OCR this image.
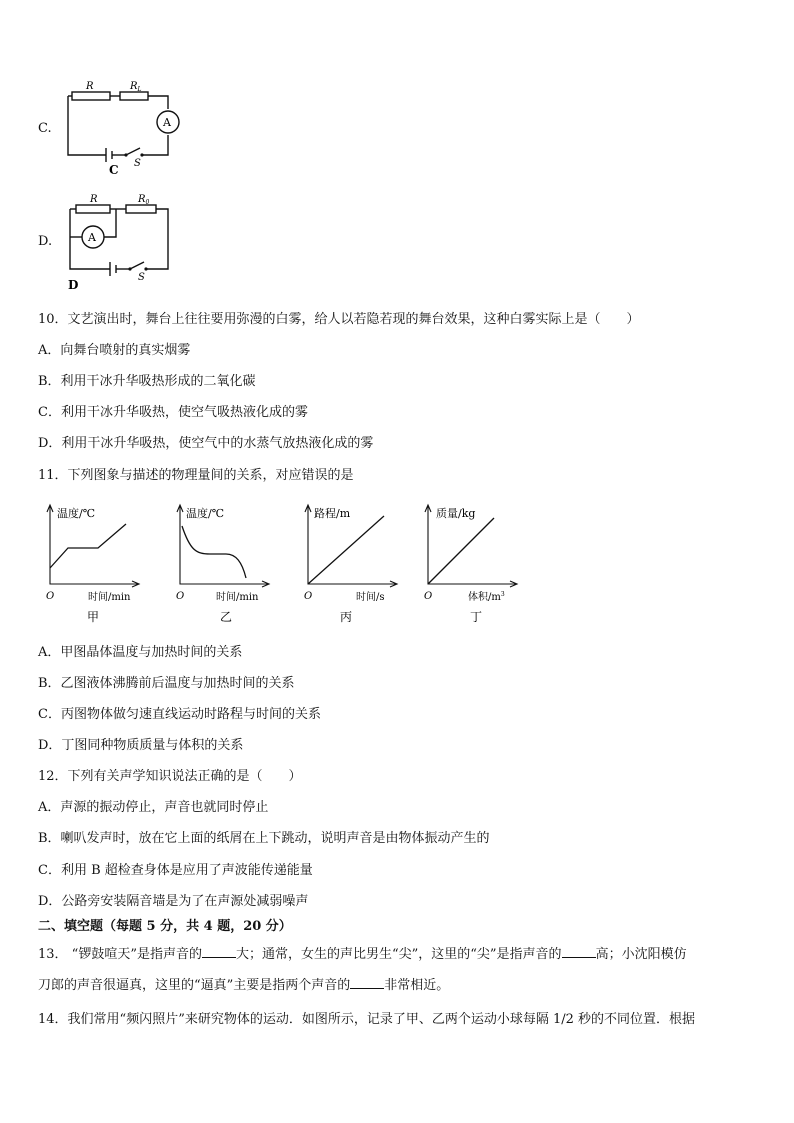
C.
R	$R_L$
A
S
C
D.
R	$R_0$
A
S
D
10．文艺演出时，舞台上往往要用弥漫的白雾，给人以若隐若现的舞台效果，这种白雾实际上是（　　）
A．向舞台喷射的真实烟雾
B．利用干冰升华吸热形成的二氧化碳
C．利用干冰升华吸热，使空气吸热液化成的雾
D．利用干冰升华吸热，使空气中的水蒸气放热液化成的雾
11．下列图象与描述的物理量间的关系，对应错误的是
温度/℃
O	时间/min
甲
温度/℃
O	时间/min
乙
路程/m
O	时间/s
丙
质量/kg
O	体积$/m^3$
丁
A．甲图晶体温度与加热时间的关系
B．乙图液体沸腾前后温度与加热时间的关系
C．丙图物体做匀速直线运动时路程与时间的关系
D．丁图同种物质质量与体积的关系
12．下列有关声学知识说法正确的是（　　）
A．声源的振动停止，声音也就同时停止
B．喇叭发声时，放在它上面的纸屑在上下跳动，说明声音是由物体振动产生的
C．利用 B 超检查身体是应用了声波能传递能量
D．公路旁安装隔音墙是为了在声源处减弱噪声
二、填空题（每题 5 分，共 4 题，20 分）
13． “锣鼓喧天”是指声音的	大；通常，女生的声比男生“尖”，这里的“尖”是指声音的	高；小沈阳模仿
刀郎的声音很逼真，这里的“逼真”主要是指两个声音的	非常相近。
14．我们常用“频闪照片”来研究物体的运动．如图所示，记录了甲、乙两个运动小球每隔 1/2 秒的不同位置．根据
